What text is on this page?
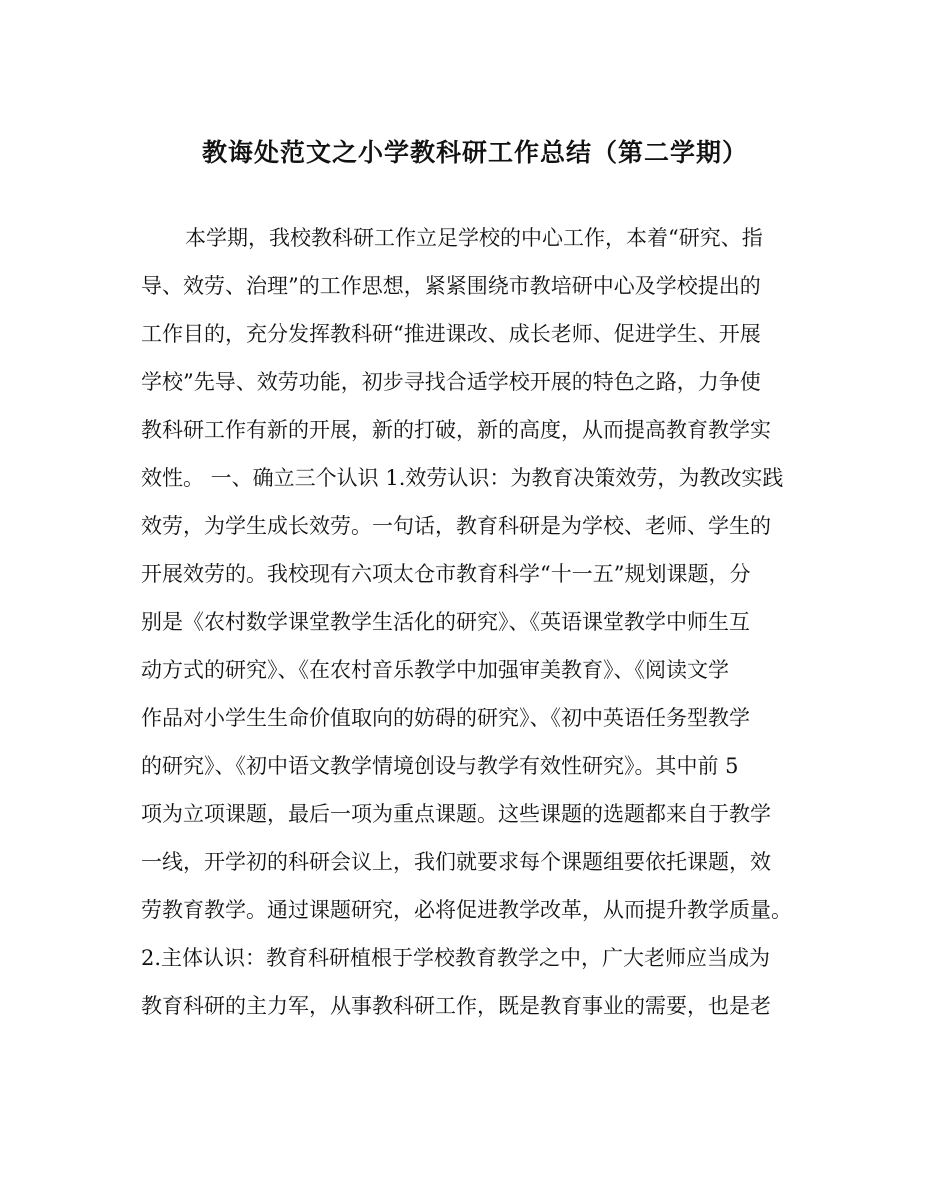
教诲处范文之小学教科研工作总结（第二学期）
本学期，我校教科研工作立足学校的中心工作，本着“研究、指
导、效劳、治理”的工作思想，紧紧围绕市教培研中心及学校提出的
工作目的，充分发挥教科研“推进课改、成长老师、促进学生、开展
学校”先导、效劳功能，初步寻找合适学校开展的特色之路，力争使
教科研工作有新的开展，新的打破，新的高度，从而提高教育教学实
效性。 一、确立三个认识 1.效劳认识：为教育决策效劳，为教改实践
效劳，为学生成长效劳。一句话，教育科研是为学校、老师、学生的
开展效劳的。我校现有六项太仓市教育科学“十一五”规划课题，分
别是《农村数学课堂教学生活化的研究》、《英语课堂教学中师生互
动方式的研究》、《在农村音乐教学中加强审美教育》、《阅读文学
作品对小学生生命价值取向的妨碍的研究》、《初中英语任务型教学
的研究》、《初中语文教学情境创设与教学有效性研究》。其中前 5
项为立项课题，最后一项为重点课题。这些课题的选题都来自于教学
一线，开学初的科研会议上，我们就要求每个课题组要依托课题，效
劳教育教学。通过课题研究，必将促进教学改革，从而提升教学质量。
2.主体认识：教育科研植根于学校教育教学之中，广大老师应当成为
教育科研的主力军，从事教科研工作，既是教育事业的需要，也是老
